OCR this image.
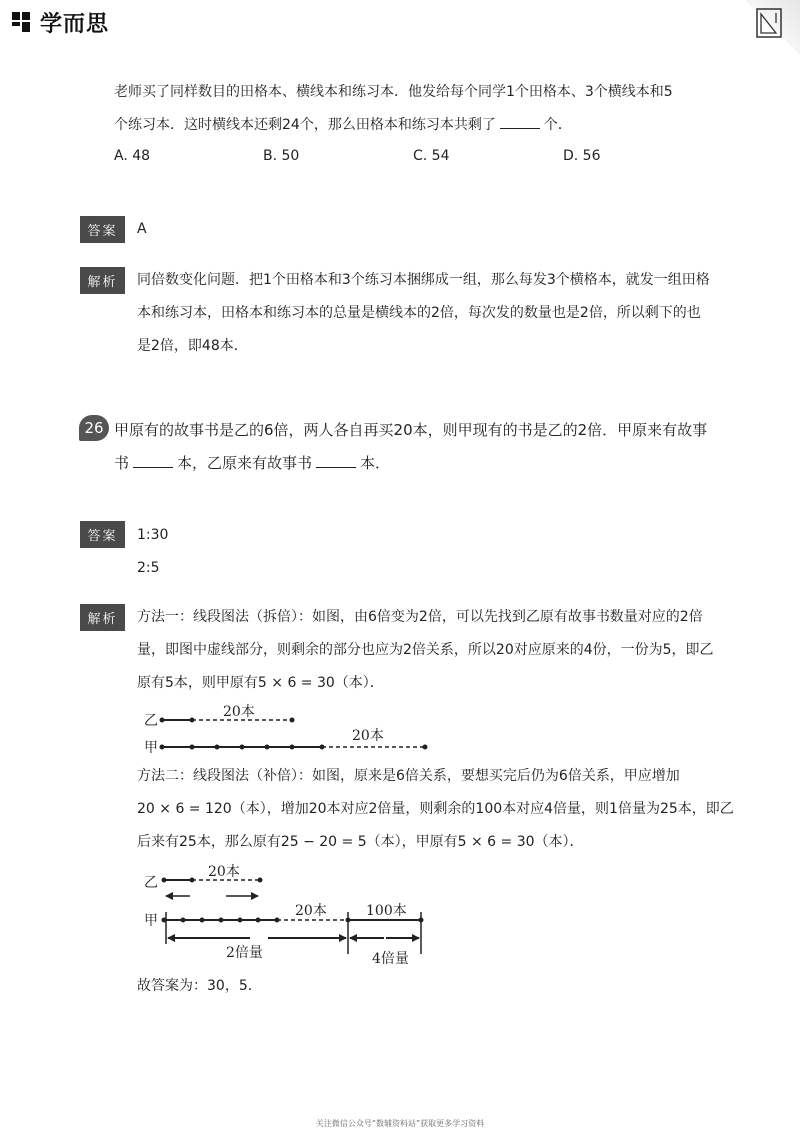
学而思
老师买了同样数目的田格本、横线本和练习本．他发给每个同学1个田格本、3个横线本和5
个练习本．这时横线本还剩24个，那么田格本和练习本共剩了	个．
A. 48	B. 50	C. 54	D. 56
答案	A
解析	同倍数变化问题．把1个田格本和3个练习本捆绑成一组，那么每发3个横格本，就发一组田格
本和练习本，田格本和练习本的总量是横线本的2倍，每次发的数量也是2倍，所以剩下的也
是2倍，即48本．
26 甲原有的故事书是乙的6倍，两人各自再买20本，则甲现有的书是乙的2倍．甲原来有故事
书	本，乙原来有故事书	本．
答案	1:30
2:5
解析	方法一：线段图法（拆倍）：如图，由6倍变为2倍，可以先找到乙原有故事书数量对应的2倍
量，即图中虚线部分，则剩余的部分也应为2倍关系，所以20对应原来的4份，一份为5，即乙
原有5本，则甲原有5 × 6 = 30（本）．
乙
甲
20本
20本
方法二：线段图法（补倍）：如图，原来是6倍关系，要想买完后仍为6倍关系，甲应增加
20 × 6 = 120（本），增加20本对应2倍量，则剩余的100本对应4倍量，则1倍量为25本，即乙
后来有25本，那么原有25 − 20 = 5（本），甲原有5 × 6 = 30（本）．
乙
甲
20本
20本	100本
2倍量	4倍量
故答案为：30，5．
关注微信公众号“数辅资料站”获取更多学习资料
